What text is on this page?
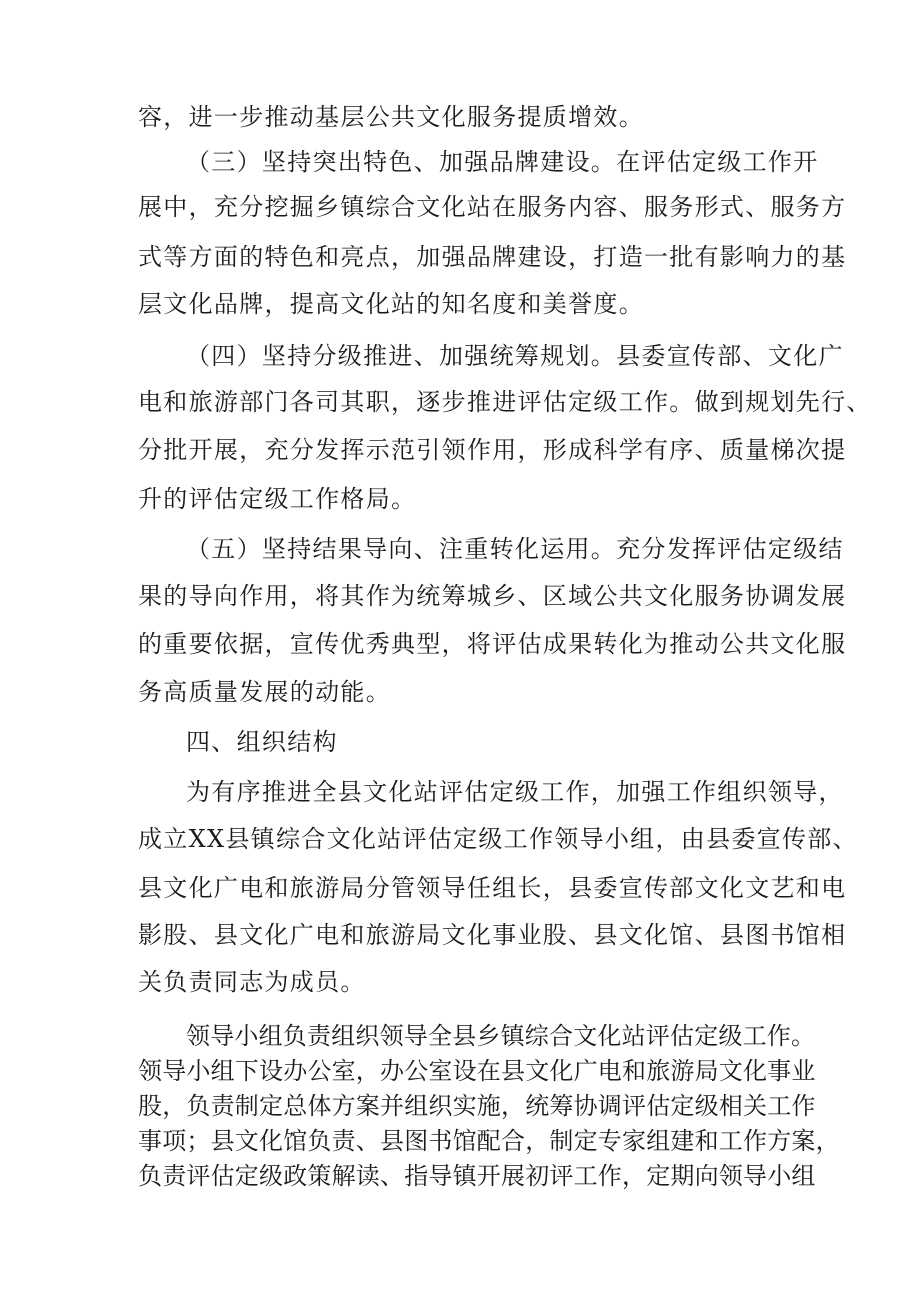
容，进一步推动基层公共文化服务提质增效。
（三）坚持突出特色、加强品牌建设。在评估定级工作开
展中，充分挖掘乡镇综合文化站在服务内容、服务形式、服务方
式等方面的特色和亮点，加强品牌建设，打造一批有影响力的基
层文化品牌，提高文化站的知名度和美誉度。
（四）坚持分级推进、加强统筹规划。县委宣传部、文化广
电和旅游部门各司其职，逐步推进评估定级工作。做到规划先行、
分批开展，充分发挥示范引领作用，形成科学有序、质量梯次提
升的评估定级工作格局。
（五）坚持结果导向、注重转化运用。充分发挥评估定级结
果的导向作用，将其作为统筹城乡、区域公共文化服务协调发展
的重要依据，宣传优秀典型，将评估成果转化为推动公共文化服
务高质量发展的动能。
四、组织结构
为有序推进全县文化站评估定级工作，加强工作组织领导，
成立XX县镇综合文化站评估定级工作领导小组，由县委宣传部、
县文化广电和旅游局分管领导任组长，县委宣传部文化文艺和电
影股、县文化广电和旅游局文化事业股、县文化馆、县图书馆相
关负责同志为成员。
领导小组负责组织领导全县乡镇综合文化站评估定级工作。
领导小组下设办公室，办公室设在县文化广电和旅游局文化事业
股，负责制定总体方案并组织实施，统筹协调评估定级相关工作
事项；县文化馆负责、县图书馆配合，制定专家组建和工作方案，
负责评估定级政策解读、指导镇开展初评工作，定期向领导小组
